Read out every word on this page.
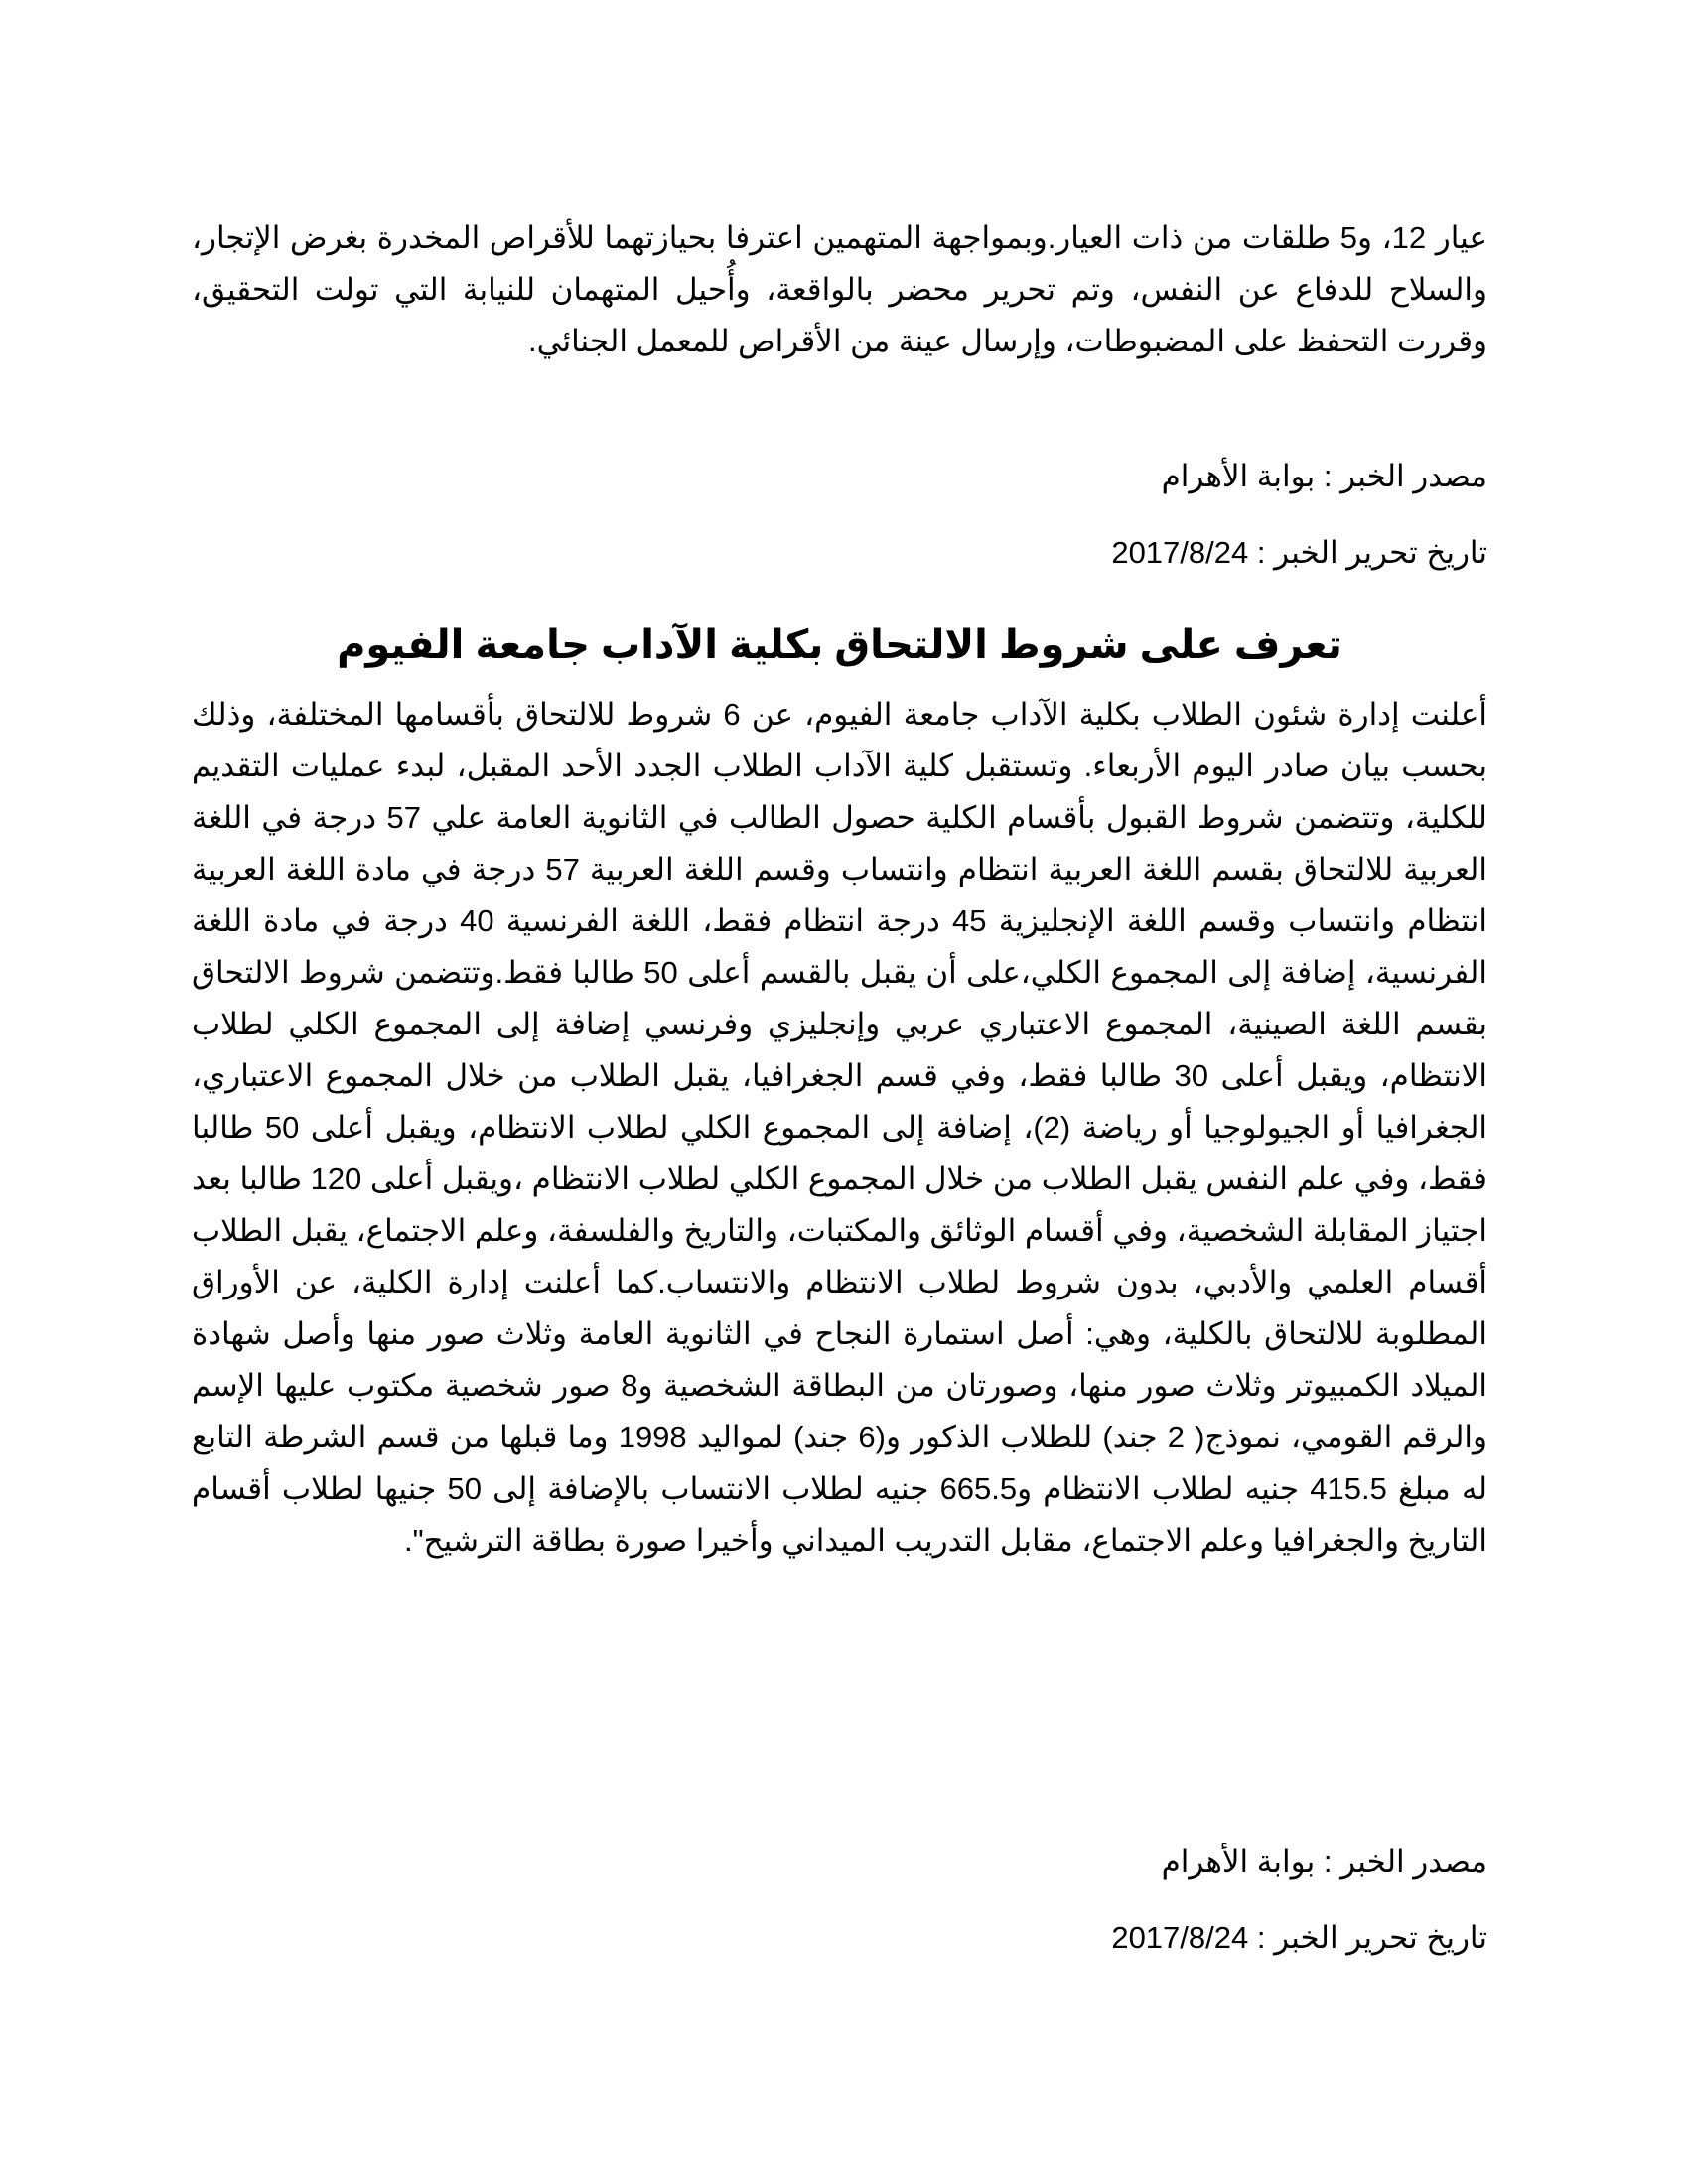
عيار 12، و5 طلقات من ذات العيار.وبمواجهة المتهمين اعترفا بحيازتهما للأقراص المخدرة بغرض الإتجار، والسلاح للدفاع عن النفس، وتم تحرير محضر بالواقعة، وأُحيل المتهمان للنيابة التي تولت التحقيق، وقررت التحفظ على المضبوطات، وإرسال عينة من الأقراص للمعمل الجنائي.

مصدر الخبر : بوابة الأهرام

تاريخ تحرير الخبر : 2017/8/24

تعرف على شروط الالتحاق بكلية الآداب جامعة الفيوم

أعلنت إدارة شئون الطلاب بكلية الآداب جامعة الفيوم، عن 6 شروط للالتحاق بأقسامها المختلفة، وذلك بحسب بيان صادر اليوم الأربعاء. وتستقبل كلية الآداب الطلاب الجدد الأحد المقبل، لبدء عمليات التقديم للكلية، وتتضمن شروط القبول بأقسام الكلية حصول الطالب في الثانوية العامة علي 57 درجة في اللغة العربية للالتحاق بقسم اللغة العربية انتظام وانتساب وقسم اللغة العربية 57 درجة في مادة اللغة العربية انتظام وانتساب وقسم اللغة الإنجليزية 45 درجة انتظام فقط، اللغة الفرنسية 40 درجة في مادة اللغة الفرنسية، إضافة إلى المجموع الكلي،على أن يقبل بالقسم أعلى 50 طالبا فقط.وتتضمن شروط الالتحاق بقسم اللغة الصينية، المجموع الاعتباري عربي وإنجليزي وفرنسي إضافة إلى المجموع الكلي لطلاب الانتظام، ويقبل أعلى 30 طالبا فقط، وفي قسم الجغرافيا، يقبل الطلاب من خلال المجموع الاعتباري، الجغرافيا أو الجيولوجيا أو رياضة (2)، إضافة إلى المجموع الكلي لطلاب الانتظام، ويقبل أعلى 50 طالبا فقط، وفي علم النفس يقبل الطلاب من خلال المجموع الكلي لطلاب الانتظام ،ويقبل أعلى 120 طالبا بعد اجتياز المقابلة الشخصية، وفي أقسام الوثائق والمكتبات، والتاريخ والفلسفة، وعلم الاجتماع، يقبل الطلاب أقسام العلمي والأدبي، بدون شروط لطلاب الانتظام والانتساب.كما أعلنت إدارة الكلية، عن الأوراق المطلوبة للالتحاق بالكلية، وهي: أصل استمارة النجاح في الثانوية العامة وثلاث صور منها وأصل شهادة الميلاد الكمبيوتر وثلاث صور منها، وصورتان من البطاقة الشخصية و8 صور شخصية مكتوب عليها الإسم والرقم القومي، نموذج( 2 جند) للطلاب الذكور و(6 جند) لمواليد 1998 وما قبلها من قسم الشرطة التابع له مبلغ 415.5 جنيه لطلاب الانتظام و665.5 جنيه لطلاب الانتساب بالإضافة إلى 50 جنيها لطلاب أقسام التاريخ والجغرافيا وعلم الاجتماع، مقابل التدريب الميداني وأخيرا صورة بطاقة الترشيح".

مصدر الخبر : بوابة الأهرام

تاريخ تحرير الخبر : 2017/8/24
